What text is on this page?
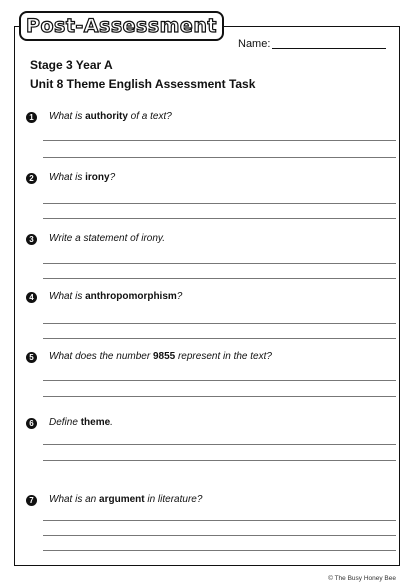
Post-Assessment
Name:
Stage 3 Year A
Unit 8 Theme English Assessment Task
1	What is authority of a text?
2	What is irony?
3	Write a statement of irony.
4	What is anthropomorphism?
5	What does the number 9855 represent in the text?
6	Define theme.
7	What is an argument in literature?
© The Busy Honey Bee
